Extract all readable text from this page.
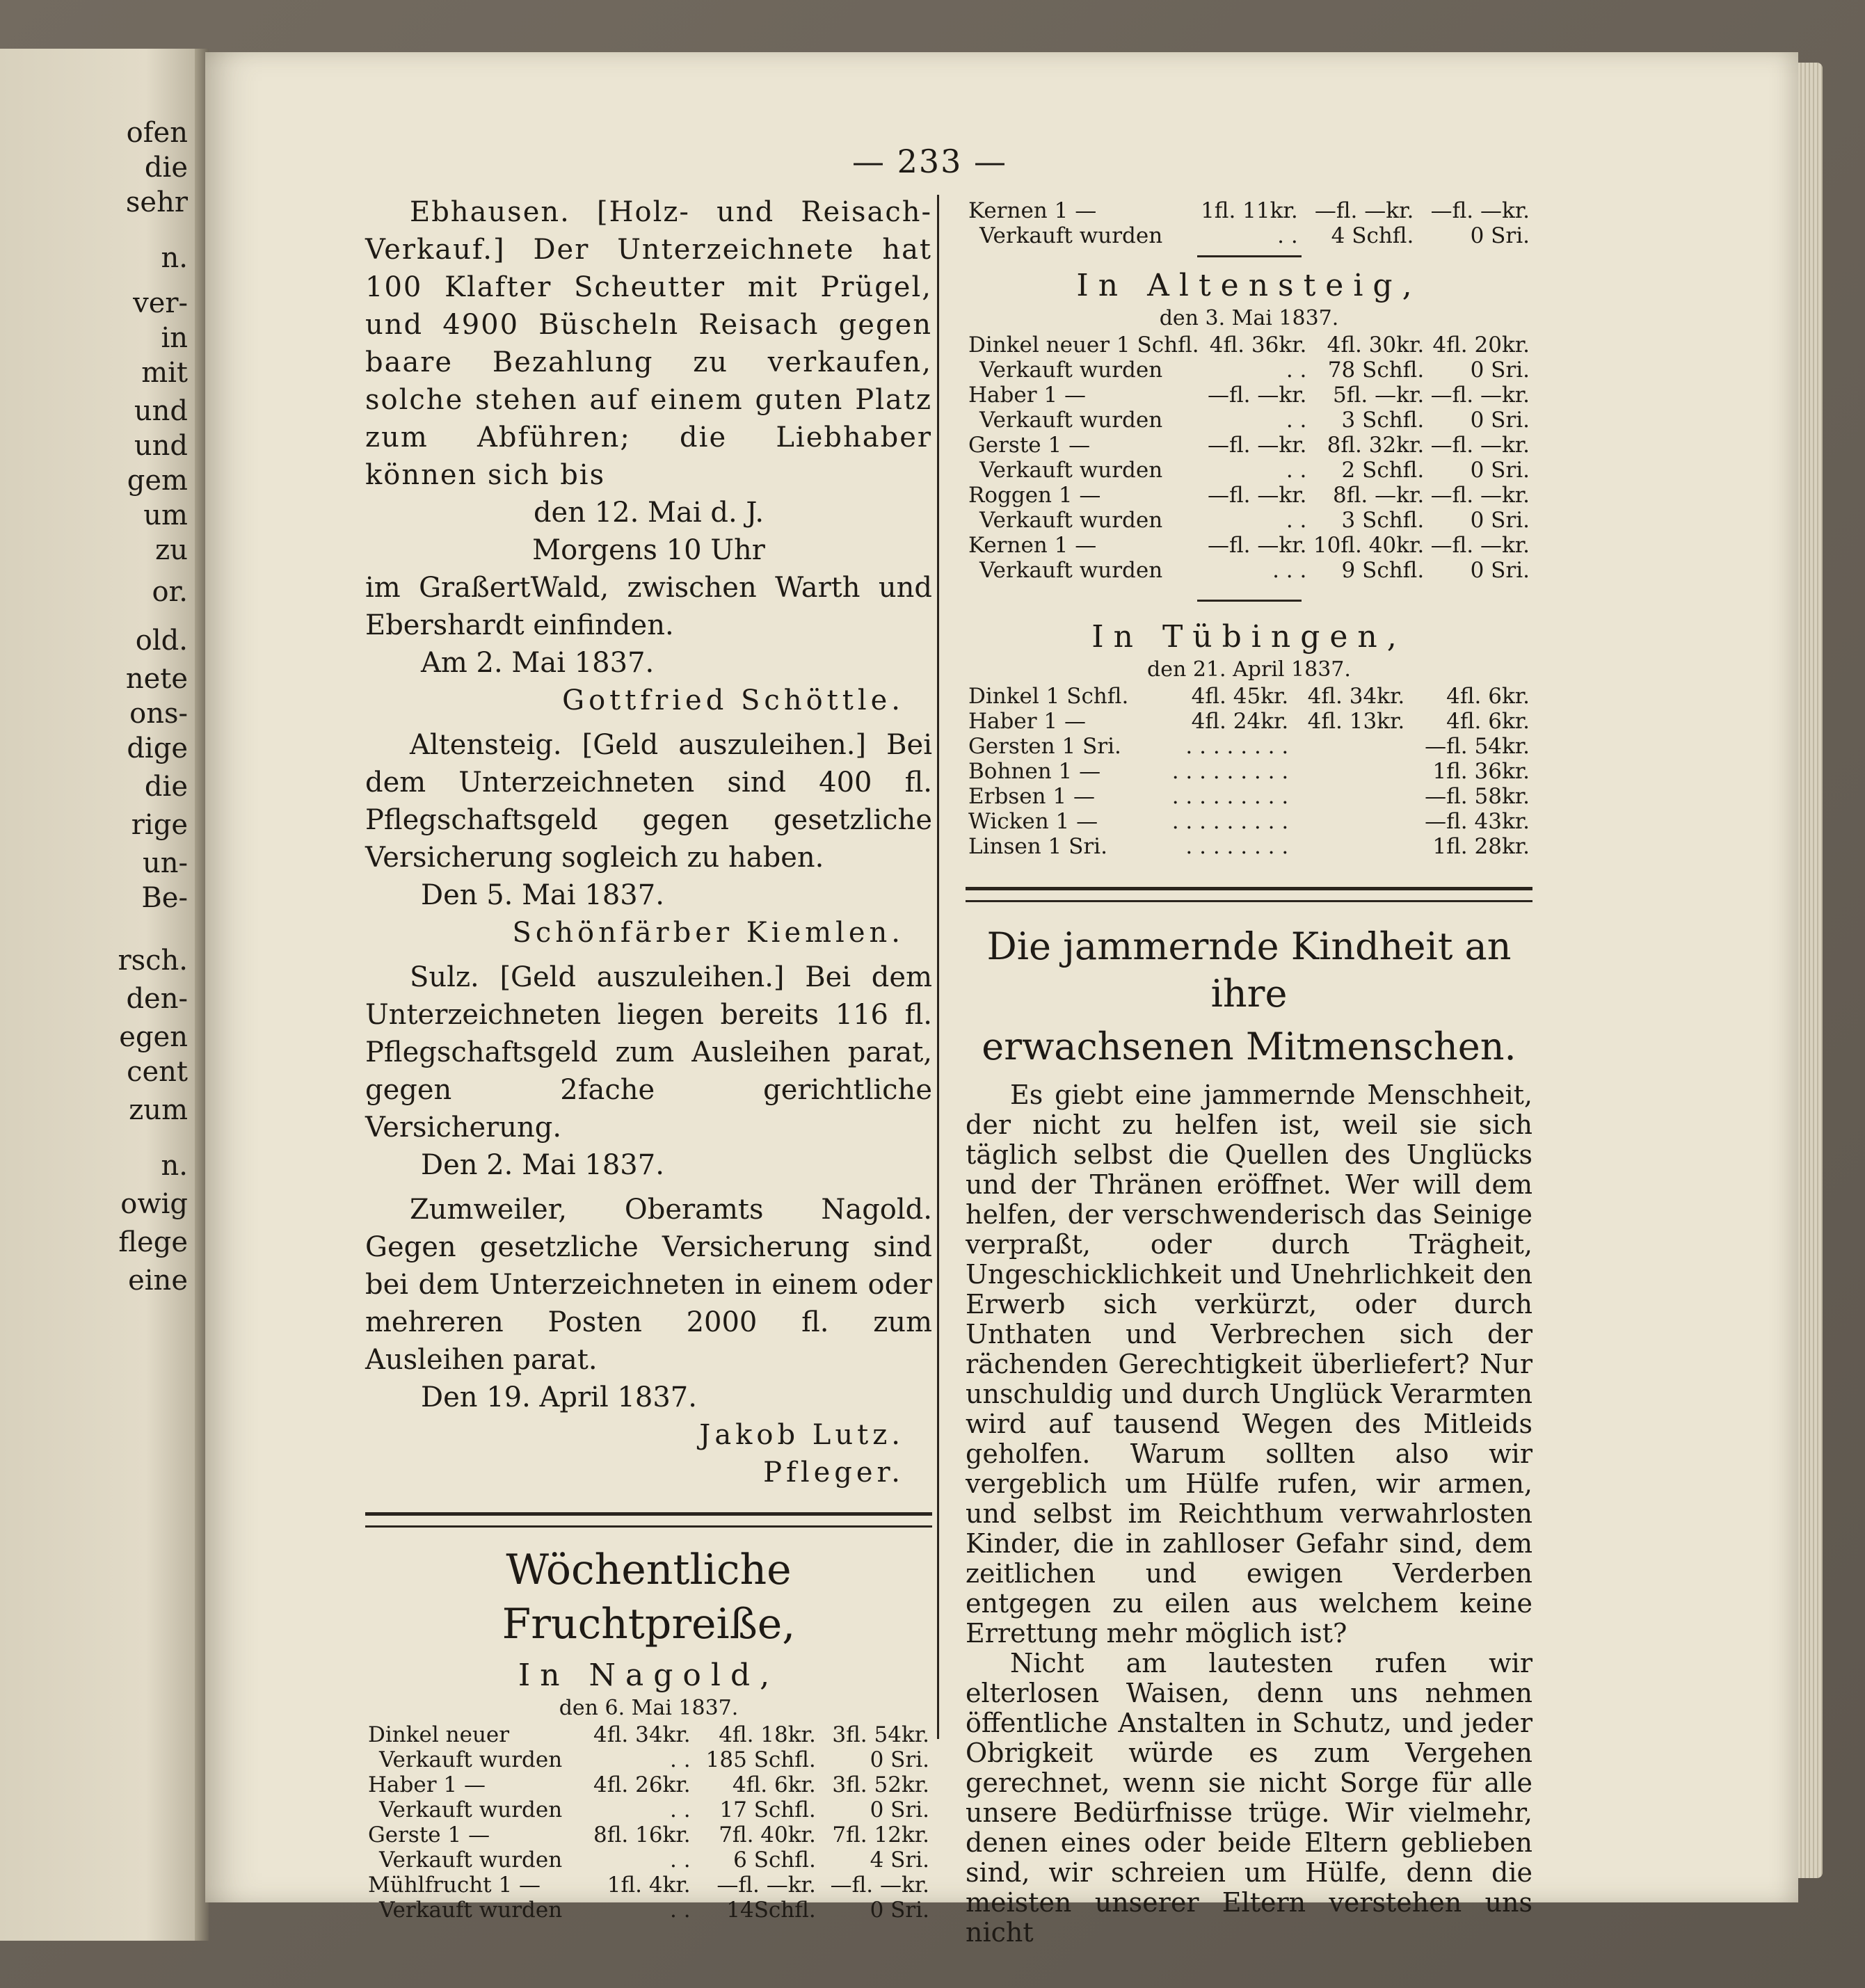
ofen
die
sehr
n.
ver-
in
mit
und
und
gem
um
zu
or.
old.
nete
ons-
dige
die
rige
un-
Be-
rsch.
den-
egen
cent
zum
n.
owig
flege
eine
— 233 —

Ebhausen. [Holz- und Reisach-Verkauf.] Der Unterzeichnete hat 100 Klafter Scheutter mit Prügel, und 4900 Büscheln Reisach gegen baare Bezahlung zu verkaufen, solche stehen auf einem guten Platz zum Abführen; die Liebhaber können sich bis

den 12. Mai d. J.
Morgens 10 Uhr

im GraßertWald, zwischen Warth und Ebershardt einfinden.

Am 2. Mai 1837.
Gottfried Schöttle.

Altensteig. [Geld auszuleihen.] Bei dem Unterzeichneten sind 400 fl. Pflegschaftsgeld gegen gesetzliche Versicherung sogleich zu haben.

Den 5. Mai 1837.
Schönfärber Kiemlen.

Sulz. [Geld auszuleihen.] Bei dem Unterzeichneten liegen bereits 116 fl. Pflegschaftsgeld zum Ausleihen parat, gegen 2fache gerichtliche Versicherung.

Den 2. Mai 1837.

Zumweiler, Oberamts Nagold. Gegen gesetzliche Versicherung sind bei dem Unterzeichneten in einem oder mehreren Posten 2000 fl. zum Ausleihen parat.

Den 19. April 1837.
Jakob Lutz.
Pfleger.
Wöchentliche Fruchtpreiße,
In Nagold,
den 6. Mai 1837.
Dinkel neuer	4fl. 34kr.	4fl. 18kr.	3fl. 54kr.
Verkauft wurden	. .	185 Schfl.	0 Sri.
Haber 1 —	4fl. 26kr.	4fl. 6kr.	3fl. 52kr.
Verkauft wurden	. .	17 Schfl.	0 Sri.
Gerste 1 —	8fl. 16kr.	7fl. 40kr.	7fl. 12kr.
Verkauft wurden	. .	6 Schfl.	4 Sri.
Mühlfrucht 1 —	1fl. 4kr.	—fl. —kr.	—fl. —kr.
Verkauft wurden	. .	14Schfl.	0 Sri.
Kernen 1 —	1fl. 11kr.	—fl. —kr.	—fl. —kr.
Verkauft wurden	. .	4 Schfl.	0 Sri.
In Altensteig,
den 3. Mai 1837.
Dinkel neuer 1 Schfl.	4fl. 36kr.	4fl. 30kr.	4fl. 20kr.
Verkauft wurden	. .	78 Schfl.	0 Sri.
Haber 1 —	—fl. —kr.	5fl. —kr.	—fl. —kr.
Verkauft wurden	. .	3 Schfl.	0 Sri.
Gerste 1 —	—fl. —kr.	8fl. 32kr.	—fl. —kr.
Verkauft wurden	. .	2 Schfl.	0 Sri.
Roggen 1 —	—fl. —kr.	8fl. —kr.	—fl. —kr.
Verkauft wurden	. .	3 Schfl.	0 Sri.
Kernen 1 —	—fl. —kr.	10fl. 40kr.	—fl. —kr.
Verkauft wurden	. . .	9 Schfl.	0 Sri.
In Tübingen,
den 21. April 1837.
Dinkel 1 Schfl.	4fl. 45kr.	4fl. 34kr.	4fl. 6kr.
Haber 1 —	4fl. 24kr.	4fl. 13kr.	4fl. 6kr.
Gersten 1 Sri.	. . . . . . . .		—fl. 54kr.
Bohnen 1 —	. . . . . . . . .		1fl. 36kr.
Erbsen 1 —	. . . . . . . . .		—fl. 58kr.
Wicken 1 —	. . . . . . . . .		—fl. 43kr.
Linsen 1 Sri.	. . . . . . . .		1fl. 28kr.
Die jammernde Kindheit an ihre
erwachsenen Mitmenschen.

Es giebt eine jammernde Menschheit, der nicht zu helfen ist, weil sie sich täglich selbst die Quellen des Unglücks und der Thränen eröffnet. Wer will dem helfen, der verschwenderisch das Seinige verpraßt, oder durch Trägheit, Ungeschicklichkeit und Unehrlichkeit den Erwerb sich verkürzt, oder durch Unthaten und Verbrechen sich der rächenden Gerechtigkeit überliefert? Nur unschuldig und durch Unglück Verarmten wird auf tausend Wegen des Mitleids geholfen. Warum sollten also wir vergeblich um Hülfe rufen, wir armen, und selbst im Reichthum verwahrlosten Kinder, die in zahlloser Gefahr sind, dem zeitlichen und ewigen Verderben entgegen zu eilen aus welchem keine Errettung mehr möglich ist?

Nicht am lautesten rufen wir elterlosen Waisen, denn uns nehmen öffentliche Anstalten in Schutz, und jeder Obrigkeit würde es zum Vergehen gerechnet, wenn sie nicht Sorge für alle unsere Bedürfnisse trüge. Wir vielmehr, denen eines oder beide Eltern geblieben sind, wir schreien um Hülfe, denn die meisten unserer Eltern verstehen uns nicht
